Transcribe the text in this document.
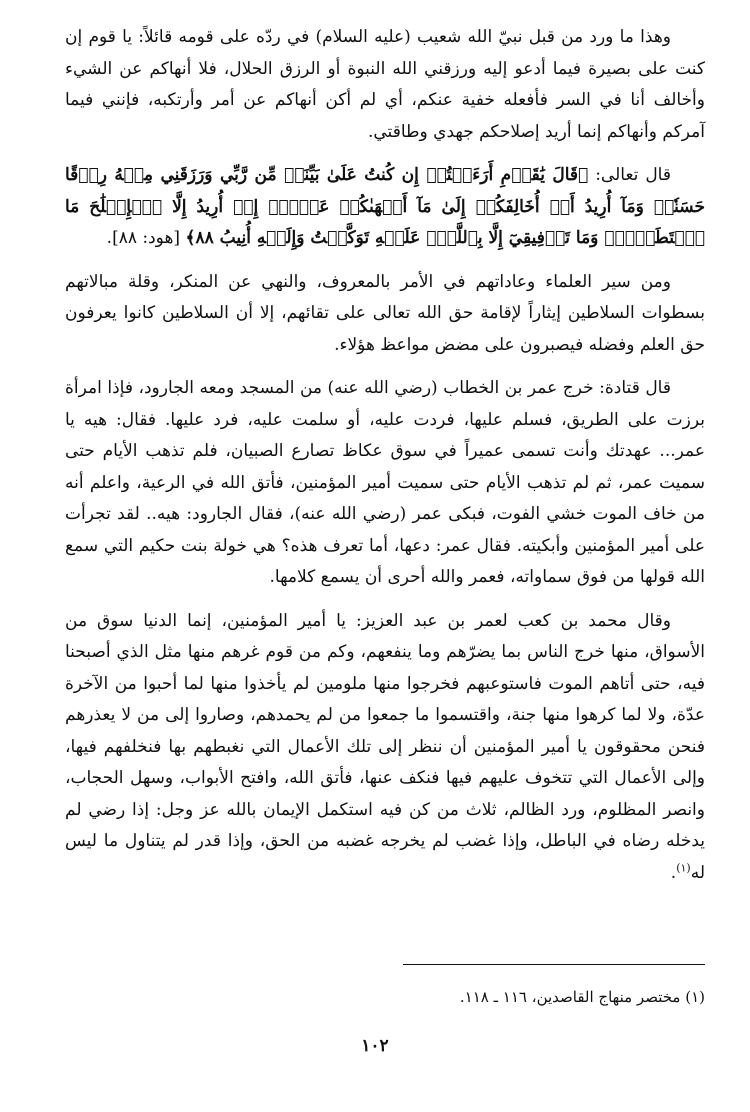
وهذا ما ورد من قبل نبيّ الله شعيب (عليه السلام) في ردّه على قومه قائلاً: يا قوم إن كنت على بصيرة فيما أدعو إليه ورزقني الله النبوة أو الرزق الحلال، فلا أنهاكم عن الشيء وأخالف أنا في السر فأفعله خفية عنكم، أي لم أكن أنهاكم عن أمر وأرتكبه، فإنني فيما آمركم وأنهاكم إنما أريد إصلاحكم جهدي وطاقتي.

قال تعالى: ﴿قَالَ يَٰقَوۡمِ أَرَءَيۡتُمۡ إِن كُنتُ عَلَىٰ بَيِّنَةٖ مِّن رَّبِّي وَرَزَقَنِي مِنۡهُ رِزۡقًا حَسَنٗاۚ وَمَآ أُرِيدُ أَنۡ أُخَالِفَكُمۡ إِلَىٰ مَآ أَنۡهَىٰكُمۡ عَنۡهُۚ إِنۡ أُرِيدُ إِلَّا ٱلۡإِصۡلَٰحَ مَا ٱسۡتَطَعۡتُۚ وَمَا تَوۡفِيقِيٓ إِلَّا بِٱللَّهِۚ عَلَيۡهِ تَوَكَّلۡتُ وَإِلَيۡهِ أُنِيبُ ٨٨﴾ [هود: ٨٨].

ومن سير العلماء وعاداتهم في الأمر بالمعروف، والنهي عن المنكر، وقلة مبالاتهم بسطوات السلاطين إيثاراً لإقامة حق الله تعالى على تقائهم، إلا أن السلاطين كانوا يعرفون حق العلم وفضله فيصبرون على مضض مواعظ هؤلاء.

قال قتادة: خرج عمر بن الخطاب (رضي الله عنه) من المسجد ومعه الجارود، فإذا امرأة برزت على الطريق، فسلم عليها، فردت عليه، أو سلمت عليه، فرد عليها. فقال: هيه يا عمر... عهدتك وأنت تسمى عميراً في سوق عكاظ تصارع الصبيان، فلم تذهب الأيام حتى سميت عمر، ثم لم تذهب الأيام حتى سميت أمير المؤمنين، فأتق الله في الرعية، واعلم أنه من خاف الموت خشي الفوت، فبكى عمر (رضي الله عنه)، فقال الجارود: هيه.. لقد تجرأت على أمير المؤمنين وأبكيته. فقال عمر: دعها، أما تعرف هذه؟ هي خولة بنت حكيم التي سمع الله قولها من فوق سماواته، فعمر والله أحرى أن يسمع كلامها.

وقال محمد بن كعب لعمر بن عبد العزيز: يا أمير المؤمنين، إنما الدنيا سوق من الأسواق، منها خرج الناس بما يضرّهم وما ينفعهم، وكم من قوم غرهم منها مثل الذي أصبحنا فيه، حتى أتاهم الموت فاستوعبهم فخرجوا منها ملومين لم يأخذوا منها لما أحبوا من الآخرة عدّة، ولا لما كرهوا منها جنة، واقتسموا ما جمعوا من لم يحمدهم، وصاروا إلى من لا يعذرهم فنحن محقوقون يا أمير المؤمنين أن ننظر إلى تلك الأعمال التي نغبطهم بها فنخلفهم فيها، وإلى الأعمال التي تتخوف عليهم فيها فنكف عنها، فأتق الله، وافتح الأبواب، وسهل الحجاب، وانصر المظلوم، ورد الظالم، ثلاث من كن فيه استكمل الإيمان بالله عز وجل: إذا رضي لم يدخله رضاه في الباطل، وإذا غضب لم يخرجه غضبه من الحق، وإذا قدر لم يتناول ما ليس له$^{(١)}$.

(١) مختصر منهاج القاصدين، ١١٦ ـ ١١٨.
١٠٢
